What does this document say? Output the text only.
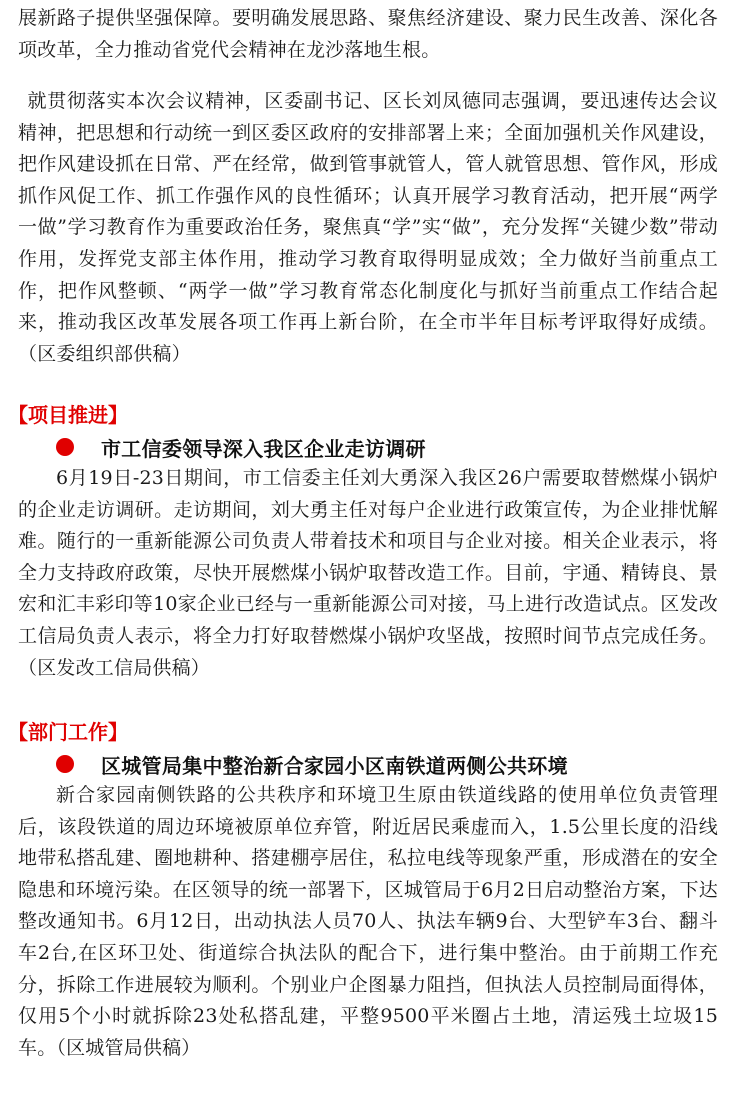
展新路子提供坚强保障。要明确发展思路、聚焦经济建设、聚力民生改善、深化各项改革，全力推动省党代会精神在龙沙落地生根。

就贯彻落实本次会议精神，区委副书记、区长刘凤德同志强调，要迅速传达会议精神，把思想和行动统一到区委区政府的安排部署上来；全面加强机关作风建设，把作风建设抓在日常、严在经常，做到管事就管人，管人就管思想、管作风，形成抓作风促工作、抓工作强作风的良性循环；认真开展学习教育活动，把开展“两学一做”学习教育作为重要政治任务，聚焦真“学”实“做”，充分发挥“关键少数”带动作用，发挥党支部主体作用，推动学习教育取得明显成效；全力做好当前重点工作，把作风整顿、“两学一做”学习教育常态化制度化与抓好当前重点工作结合起来，推动我区改革发展各项工作再上新台阶，在全市半年目标考评取得好成绩。（区委组织部供稿）

【项目推进】
市工信委领导深入我区企业走访调研

6月19日-23日期间，市工信委主任刘大勇深入我区26户需要取替燃煤小锅炉的企业走访调研。走访期间，刘大勇主任对每户企业进行政策宣传，为企业排忧解难。随行的一重新能源公司负责人带着技术和项目与企业对接。相关企业表示，将全力支持政府政策，尽快开展燃煤小锅炉取替改造工作。目前，宇通、精铸良、景宏和汇丰彩印等10家企业已经与一重新能源公司对接，马上进行改造试点。区发改工信局负责人表示，将全力打好取替燃煤小锅炉攻坚战，按照时间节点完成任务。（区发改工信局供稿）

【部门工作】
区城管局集中整治新合家园小区南铁道两侧公共环境

新合家园南侧铁路的公共秩序和环境卫生原由铁道线路的使用单位负责管理后，该段铁道的周边环境被原单位弃管，附近居民乘虚而入，1.5公里长度的沿线地带私搭乱建、圈地耕种、搭建棚亭居住，私拉电线等现象严重，形成潜在的安全隐患和环境污染。在区领导的统一部署下，区城管局于6月2日启动整治方案，下达整改通知书。6月12日，出动执法人员70人、执法车辆9台、大型铲车3台、翻斗车2台,在区环卫处、街道综合执法队的配合下，进行集中整治。由于前期工作充分，拆除工作进展较为顺利。个别业户企图暴力阻挡，但执法人员控制局面得体，仅用5个小时就拆除23处私搭乱建，平整9500平米圈占土地，清运残土垃圾15车。（区城管局供稿）
